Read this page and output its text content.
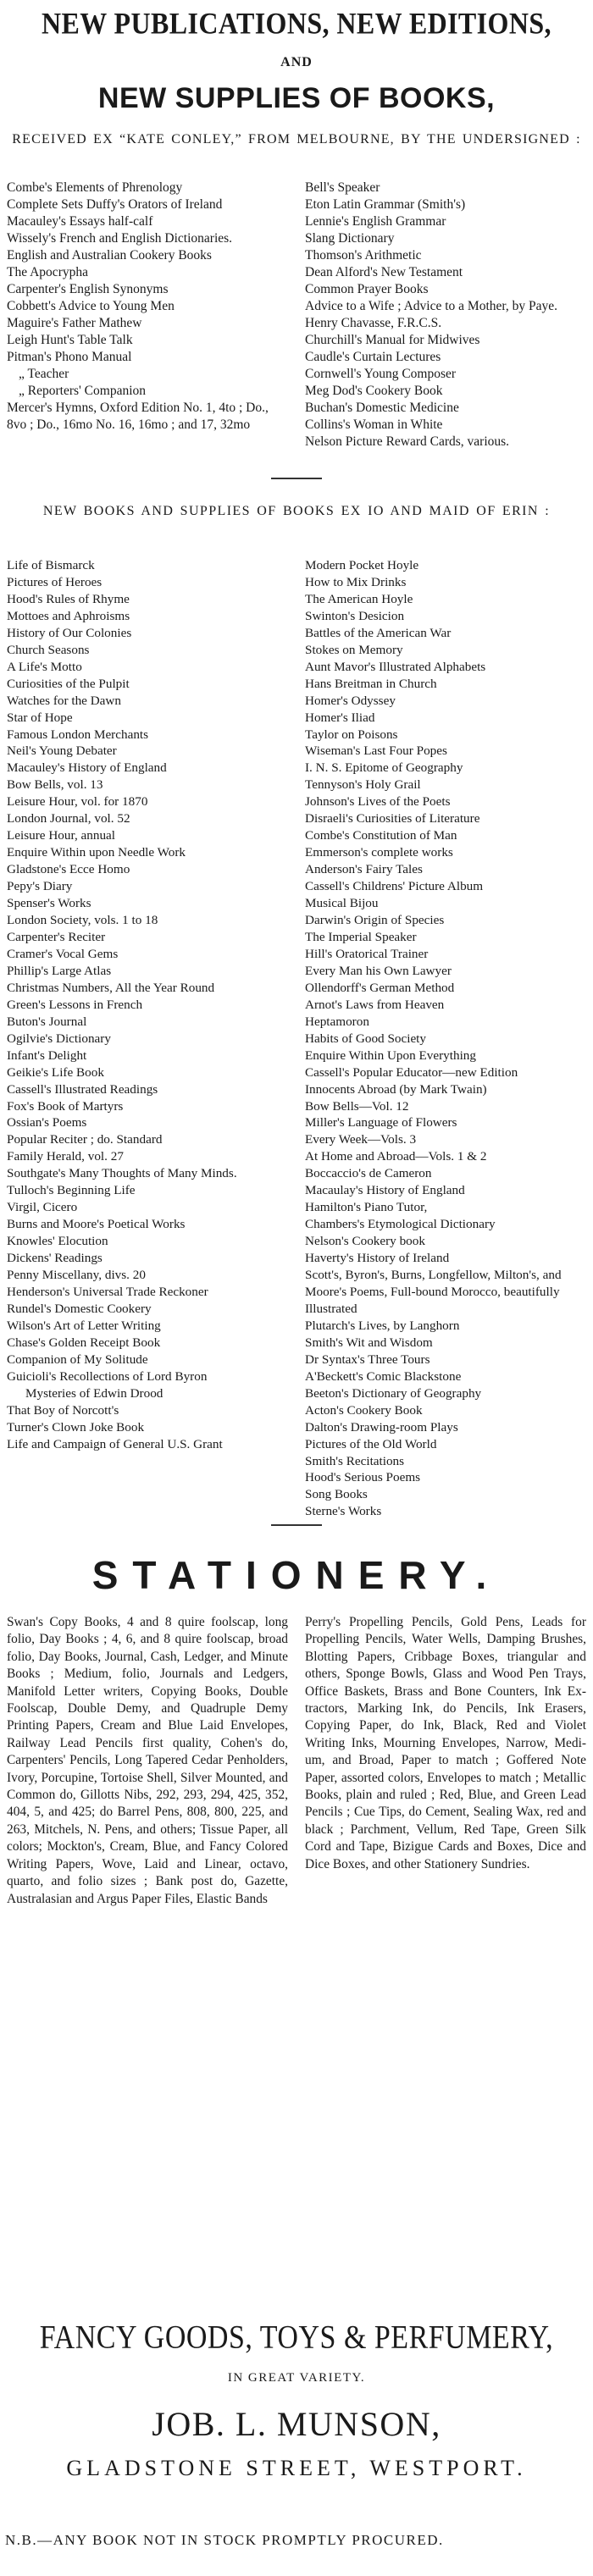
NEW PUBLICATIONS, NEW EDITIONS,
AND
NEW SUPPLIES OF BOOKS,
RECEIVED EX “KATE CONLEY,” FROM MELBOURNE, BY THE UNDERSIGNED :
Combe's Elements of Phrenology
Complete Sets Duffy's Orators of Ireland
Macauley's Essays half-calf
Wissely's French and English Dictionaries.
English and Australian Cookery Books
The Apocrypha
Carpenter's English Synonyms
Cobbett's Advice to Young Men
Maguire's Father Mathew
Leigh Hunt's Table Talk
Pitman's Phono Manual
„ Teacher
„ Reporters' Companion
Mercer's Hymns, Oxford Edition No. 1, 4to ; Do., 8vo ; Do., 16mo No. 16, 16mo ; and 17, 32mo
Bell's Speaker
Eton Latin Grammar (Smith's)
Lennie's English Grammar
Slang Dictionary
Thomson's Arithmetic
Dean Alford's New Testament
Common Prayer Books
Advice to a Wife ; Advice to a Mother, by Paye. Henry Chavasse, F.R.C.S.
Churchill's Manual for Midwives
Caudle's Curtain Lectures
Cornwell's Young Composer
Meg Dod's Cookery Book
Buchan's Domestic Medicine
Collins's Woman in White
Nelson Picture Reward Cards, various.
NEW BOOKS AND SUPPLIES OF BOOKS EX IO AND MAID OF ERIN :
Life of Bismarck
Pictures of Heroes
Hood's Rules of Rhyme
Mottoes and Aphroisms
History of Our Colonies
Church Seasons
A Life's Motto
Curiosities of the Pulpit
Watches for the Dawn
Star of Hope
Famous London Merchants
Neil's Young Debater
Macauley's History of England
Bow Bells, vol. 13
Leisure Hour, vol. for 1870
London Journal, vol. 52
Leisure Hour, annual
Enquire Within upon Needle Work
Gladstone's Ecce Homo
Pepy's Diary
Spenser's Works
London Society, vols. 1 to 18
Carpenter's Reciter
Cramer's Vocal Gems
Phillip's Large Atlas
Christmas Numbers, All the Year Round
Green's Lessons in French
Buton's Journal
Ogilvie's Dictionary
Infant's Delight
Geikie's Life Book
Cassell's Illustrated Readings
Fox's Book of Martyrs
Ossian's Poems
Popular Reciter ; do. Standard
Family Herald, vol. 27
Southgate's Many Thoughts of Many Minds.
Tulloch's Beginning Life
Virgil, Cicero
Burns and Moore's Poetical Works
Knowles' Elocution
Dickens' Readings
Penny Miscellany, divs. 20
Henderson's Universal Trade Reckoner
Rundel's Domestic Cookery
Wilson's Art of Letter Writing
Chase's Golden Receipt Book
Companion of My Solitude
Guicioli's Recollections of Lord Byron
Mysteries of Edwin Drood
That Boy of Norcott's
Turner's Clown Joke Book
Life and Campaign of General U.S. Grant
Modern Pocket Hoyle
How to Mix Drinks
The American Hoyle
Swinton's Desicion
Battles of the American War
Stokes on Memory
Aunt Mavor's Illustrated Alphabets
Hans Breitman in Church
Homer's Odyssey
Homer's Iliad
Taylor on Poisons
Wiseman's Last Four Popes
I. N. S. Epitome of Geography
Tennyson's Holy Grail
Johnson's Lives of the Poets
Disraeli's Curiosities of Literature
Combe's Constitution of Man
Emmerson's complete works
Anderson's Fairy Tales
Cassell's Childrens' Picture Album
Musical Bijou
Darwin's Origin of Species
The Imperial Speaker
Hill's Oratorical Trainer
Every Man his Own Lawyer
Ollendorff's German Method
Arnot's Laws from Heaven
Heptamoron
Habits of Good Society
Enquire Within Upon Everything
Cassell's Popular Educator—new Edition
Innocents Abroad (by Mark Twain)
Bow Bells—Vol. 12
Miller's Language of Flowers
Every Week—Vols. 3
At Home and Abroad—Vols. 1 & 2
Boccaccio's de Cameron
Macaulay's History of England
Hamilton's Piano Tutor,
Chambers's Etymological Dictionary
Nelson's Cookery book
Haverty's History of Ireland
Scott's, Byron's, Burns, Longfellow, Milton's, and Moore's Poems, Full-bound Morocco, beautifully Illustrated
Plutarch's Lives, by Langhorn
Smith's Wit and Wisdom
Dr Syntax's Three Tours
A'Beckett's Comic Blackstone
Beeton's Dictionary of Geography
Acton's Cookery Book
Dalton's Drawing-room Plays
Pictures of the Old World
Smith's Recitations
Hood's Serious Poems
Song Books
Sterne's Works
STATIONERY.
Swan's Copy Books, 4 and 8 quire foolscap, long folio, Day Books ; 4, 6, and 8 quire foolscap, broad folio, Day Books, Journal, Cash, Ledger, and Minute Books ; Medium, folio, Journals and Ledgers, Manifold Letter writers, Copying Books, Double Foolscap, Double Demy, and Quadruple Demy Printing Papers, Cream and Blue Laid Envelopes, Railway Lead Pencils first quality, Cohen's do, Carpenters' Pencils, Long Tapered Cedar Penholders, Ivory, Porcupine, Tortoise Shell, Silver Mounted, and Common do, Gillotts Nibs, 292, 293, 294, 425, 352, 404, 5, and 425; do Barrel Pens, 808, 800, 225, and 263, Mitchels, N. Pens, and others; Tissue Paper, all colors; Mockton's, Cream, Blue, and Fancy Colored Writing Papers, Wove, Laid and Linear, octavo, quarto, and folio sizes ; Bank post do, Gazette, Australasian and Argus Paper Files, Elastic Bands
Perry's Propelling Pencils, Gold Pens, Leads for Propelling Pencils, Water Wells, Damping Brushes, Blotting Papers, Cribbage Boxes, triangular and others, Sponge Bowls, Glass and Wood Pen Trays, Office Baskets, Brass and Bone Counters, Ink Extractors, Marking Ink, do Pencils, Ink Erasers, Copying Paper, do Ink, Black, Red and Violet Writing Inks, Mourning Envelopes, Narrow, Medium, and Broad, Paper to match ; Goffered Note Paper, assorted colors, Envelopes to match ; Metallic Books, plain and ruled ; Red, Blue, and Green Lead Pencils ; Cue Tips, do Cement, Sealing Wax, red and black ; Parchment, Vellum, Red Tape, Green Silk Cord and Tape, Bizigue Cards and Boxes, Dice and Dice Boxes, and other Stationery Sundries.
FANCY GOODS, TOYS & PERFUMERY,
IN GREAT VARIETY.
JOB. L. MUNSON,
GLADSTONE STREET, WESTPORT.
N.B.—ANY BOOK NOT IN STOCK PROMPTLY PROCURED.
